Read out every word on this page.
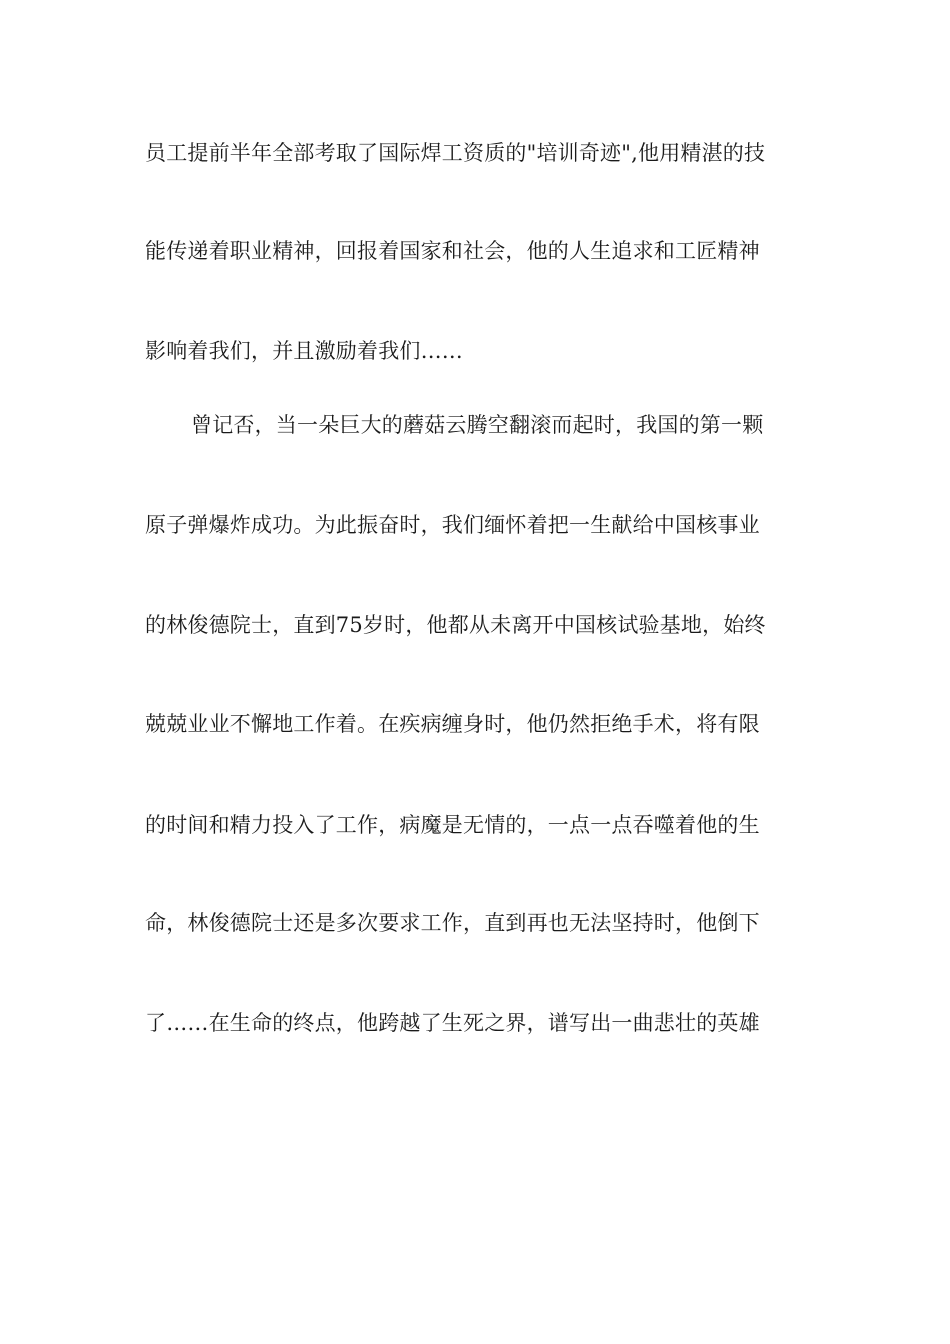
员工提前半年全部考取了国际焊工资质的"培训奇迹",他用精湛的技
能传递着职业精神，回报着国家和社会，他的人生追求和工匠精神
影响着我们，并且激励着我们……
曾记否，当一朵巨大的蘑菇云腾空翻滚而起时，我国的第一颗
原子弹爆炸成功。为此振奋时，我们缅怀着把一生献给中国核事业
的林俊德院士，直到75岁时，他都从未离开中国核试验基地，始终
兢兢业业不懈地工作着。在疾病缠身时，他仍然拒绝手术，将有限
的时间和精力投入了工作，病魔是无情的，一点一点吞噬着他的生
命，林俊德院士还是多次要求工作，直到再也无法坚持时，他倒下
了……在生命的终点，他跨越了生死之界，谱写出一曲悲壮的英雄
